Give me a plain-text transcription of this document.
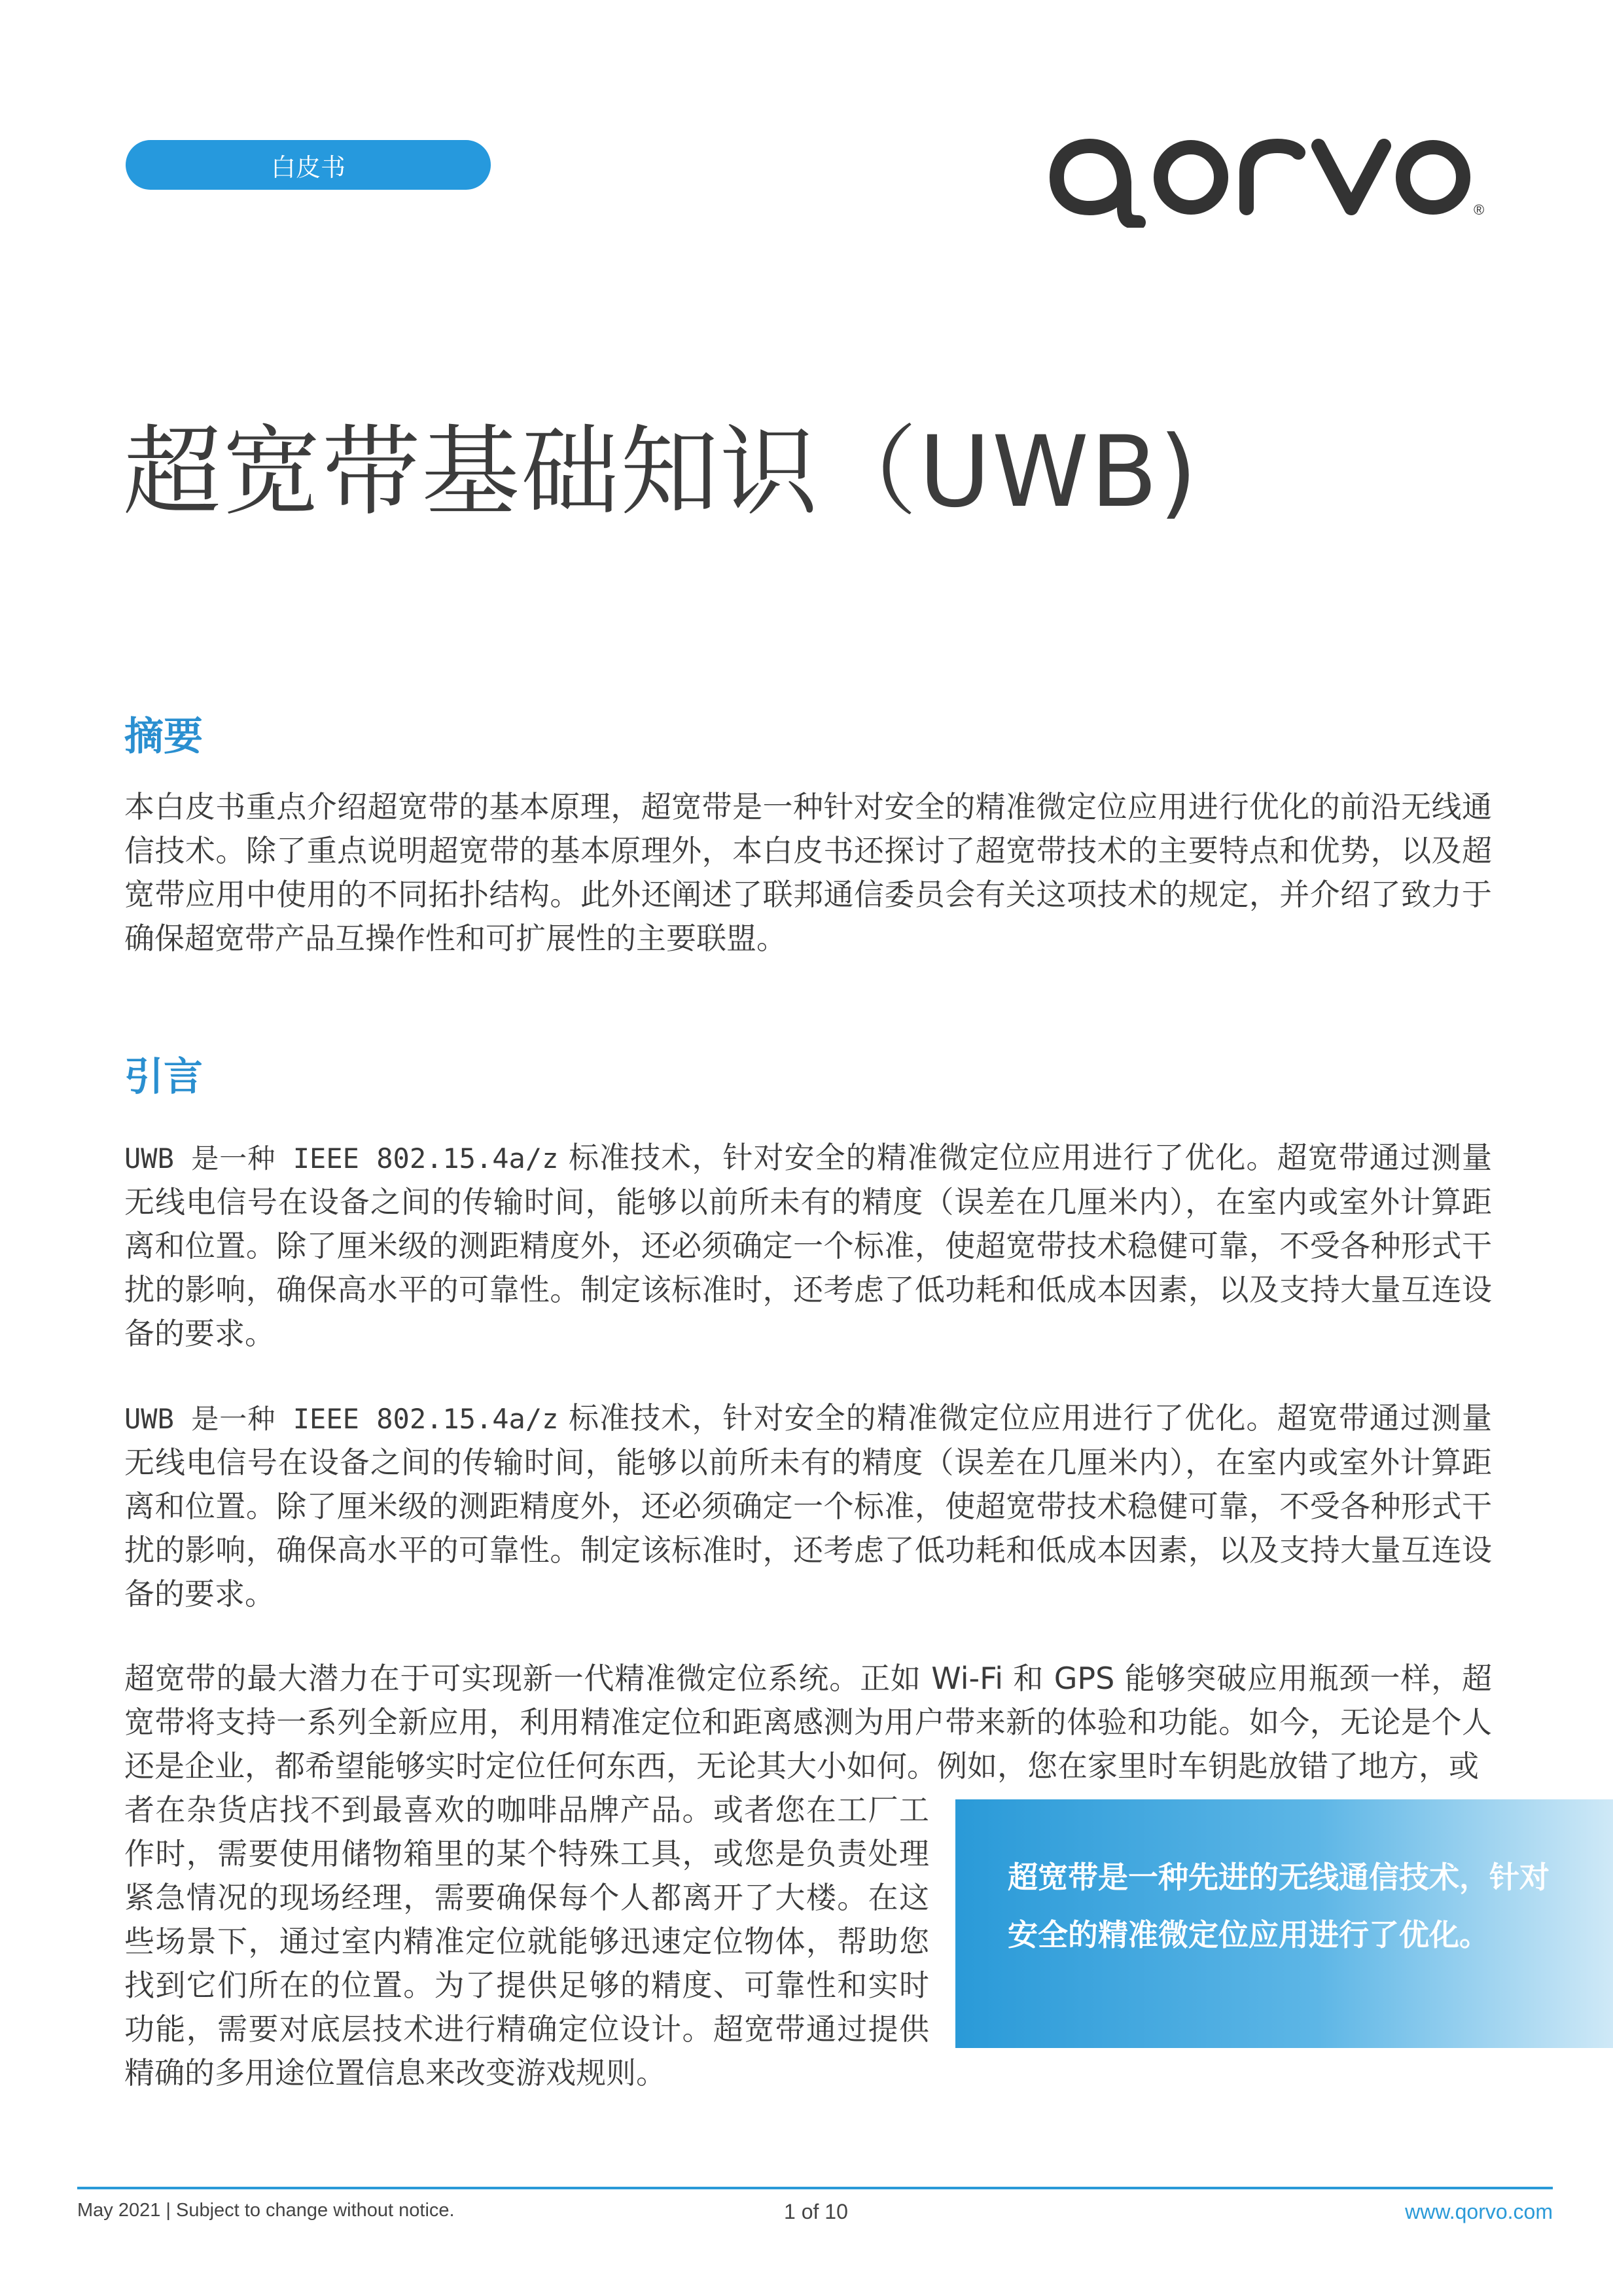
白皮书
®
qorvo
超宽带基础知识（UWB)
摘要

本白皮书重点介绍超宽带的基本原理，超宽带是一种针对安全的精准微定位应用进行优化的前沿无线通信技术。除了重点说明超宽带的基本原理外，本白皮书还探讨了超宽带技术的主要特点和优势，以及超宽带应用中使用的不同拓扑结构。此外还阐述了联邦通信委员会有关这项技术的规定，并介绍了致力于确保超宽带产品互操作性和可扩展性的主要联盟。

引言

UWB 是一种 IEEE 802.15.4a/z 标准技术，针对安全的精准微定位应用进行了优化。超宽带通过测量无线电信号在设备之间的传输时间，能够以前所未有的精度（误差在几厘米内），在室内或室外计算距离和位置。除了厘米级的测距精度外，还必须确定一个标准，使超宽带技术稳健可靠，不受各种形式干扰的影响，确保高水平的可靠性。制定该标准时，还考虑了低功耗和低成本因素，以及支持大量互连设备的要求。

UWB 是一种 IEEE 802.15.4a/z 标准技术，针对安全的精准微定位应用进行了优化。超宽带通过测量无线电信号在设备之间的传输时间，能够以前所未有的精度（误差在几厘米内），在室内或室外计算距离和位置。除了厘米级的测距精度外，还必须确定一个标准，使超宽带技术稳健可靠，不受各种形式干扰的影响，确保高水平的可靠性。制定该标准时，还考虑了低功耗和低成本因素，以及支持大量互连设备的要求。

超宽带的最大潜力在于可实现新一代精准微定位系统。正如 Wi-Fi 和 GPS 能够突破应用瓶颈一样，超宽带将支持一系列全新应用，利用精准定位和距离感测为用户带来新的体验和功能。如今，无论是个人还是企业，都希望能够实时定位任何东西，无论其大小如何。例如，您在家里时车钥匙放错了地方，或

者在杂货店找不到最喜欢的咖啡品牌产品。或者您在工厂工作时，需要使用储物箱里的某个特殊工具，或您是负责处理紧急情况的现场经理，需要确保每个人都离开了大楼。在这些场景下，通过室内精准定位就能够迅速定位物体，帮助您找到它们所在的位置。为了提供足够的精度、可靠性和实时功能，需要对底层技术进行精确定位设计。超宽带通过提供精确的多用途位置信息来改变游戏规则。

超宽带是一种先进的无线通信技术，针对安全的精准微定位应用进行了优化。

May 2021 | Subject to change without notice.	1 of 10	www.qorvo.com
